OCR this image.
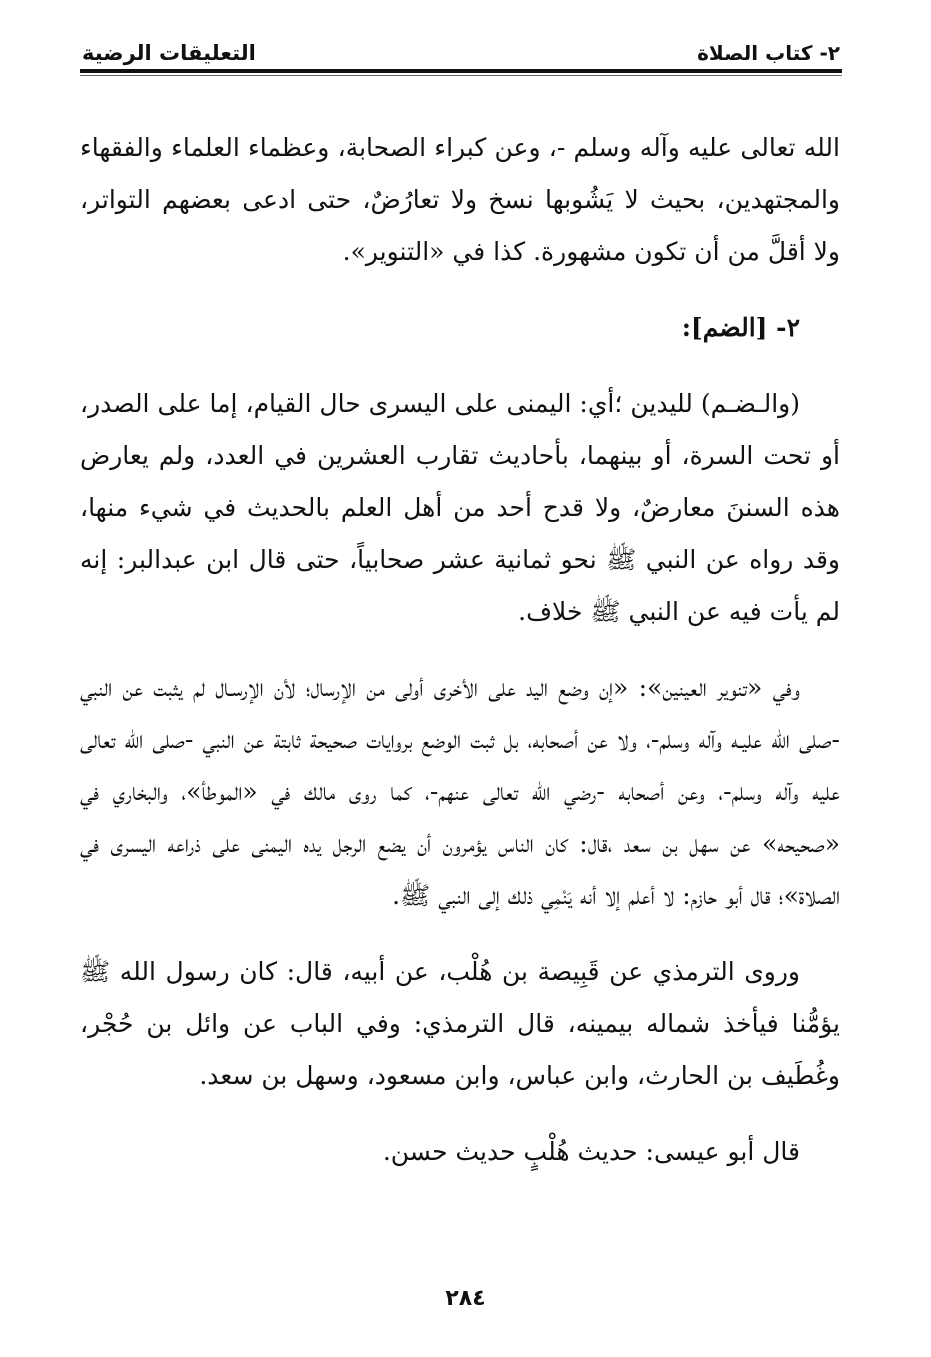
٢- كتاب الصلاة
التعليقات الرضية

الله تعالى عليه وآله وسلم -، وعن كبراء الصحابة، وعظماء العلماء والفقهاء والمجتهدين، بحيث لا يَشُوبها نسخ ولا تعارُضٌ، حتى ادعى بعضهم التواتر، ولا أقلَّ من أن تكون مشهورة. كذا في «التنوير».

٢- [الضم]:

(والـضـم) لليدين ؛أي: اليمنى على اليسرى حال القيام، إما على الصدر، أو تحت السرة، أو بينهما، بأحاديث تقارب العشرين في العدد، ولم يعارض هذه السننَ معارضٌ، ولا قدح أحد من أهل العلم بالحديث في شيء منها، وقد رواه عن النبي ﷺ نحو ثمانية عشر صحابياً، حتى قال ابن عبدالبر: إنه لم يأت فيه عن النبي ﷺ خلاف.

وفي «تنوير العينين»: «إن وضع اليد على الأخرى أولى من الإرسال؛ لأن الإرسـال لم يثبت عن النبي -صلى الله عليـه وآله وسلم-، ولا عن أصحابه، بل ثبت الوضع بروايات صحيحة ثابتة عن النبي -صلى الله تعالى عليه وآله وسلم-، وعن أصحابه -رضي الله تعالى عنهم-، كما روى مالك في «الموطأ»، والبخاري في «صحيحه» عن سهل بن سعد ،قال: كان الناس يؤمرون أن يضع الرجل يده اليمنى على ذراعه اليسرى في الصلاة»؛ قال أبو حازم: لا أعلم إلا أنه يَنْمِي ذلك إلى النبي ﷺ.

وروى الترمذي عن قَبِيصة بن هُلْب، عن أبيه، قال: كان رسول الله ﷺ يؤمُّنا فيأخذ شماله بيمينه، قال الترمذي: وفي الباب عن وائل بن حُجْر، وغُطَيف بن الحارث، وابن عباس، وابن مسعود، وسهل بن سعد.

قال أبو عيسى: حديث هُلْبٍ حديث حسن.

٢٨٤
